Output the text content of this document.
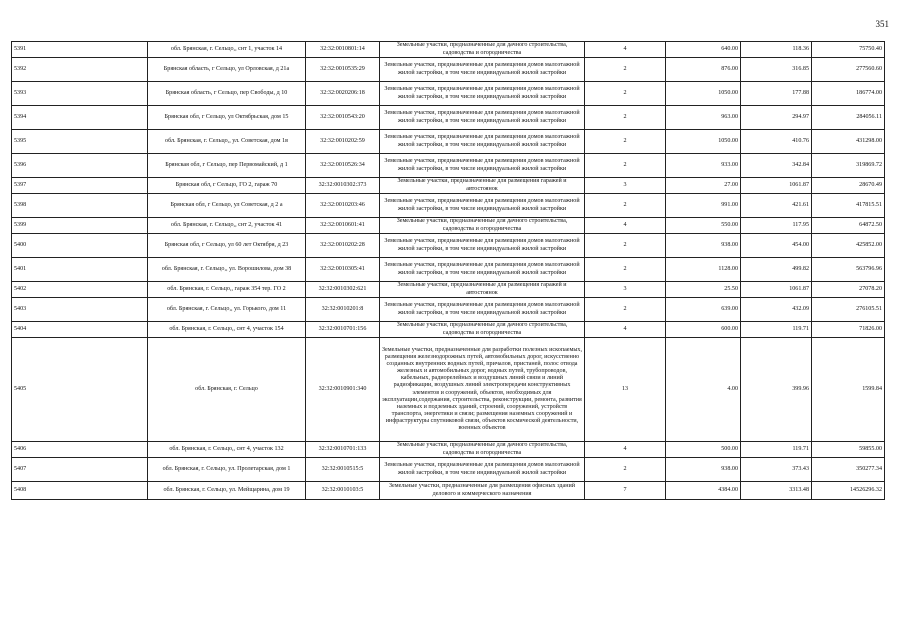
351
5391	обл. Брянская, г. Сельцо,, снт 1, участок 14	32:32:0010801:14	Земельные участки, предназначенные для дачного строительства, садоводства и огородничества	4	640.00	118.36	75750.40
5392	Брянская область, г Сельцо, ул Орловская, д 21а	32:32:0010535:29	Земельные участки, предназначенные для размещения домов малоэтажной жилой застройки, в том числе индивидуальной жилой застройки	2	876.00	316.85	277560.60
5393	Брянская область, г Сельцо, пер Свободы, д 10	32:32:0020206:18	Земельные участки, предназначенные для размещения домов малоэтажной жилой застройки, в том числе индивидуальной жилой застройки	2	1050.00	177.88	186774.00
5394	Брянская обл, г Сельцо, ул Октябрьская, дом 15	32:32:0010543:20	Земельные участки, предназначенные для размещения домов малоэтажной жилой застройки, в том числе индивидуальной жилой застройки	2	963.00	294.97	284056.11
5395	обл. Брянская, г. Сельцо,, ул. Советская, дом 1в	32:32:0010202:59	Земельные участки, предназначенные для размещения домов малоэтажной жилой застройки, в том числе индивидуальной жилой застройки	2	1050.00	410.76	431298.00
5396	Брянская обл, г Сельцо, пер Первомайский, д 1	32:32:0010526:34	Земельные участки, предназначенные для размещения домов малоэтажной жилой застройки, в том числе индивидуальной жилой застройки	2	933.00	342.84	319869.72
5397	Брянская обл, г Сельцо, ГО 2, гараж 70	32:32:0010302:373	Земельные участки, предназначенные для размещения гаражей и автостоянок	3	27.00	1061.87	28670.49
5398	Брянская обл, г Сельцо, ул Советская, д 2 а	32:32:0010203:46	Земельные участки, предназначенные для размещения домов малоэтажной жилой застройки, в том числе индивидуальной жилой застройки	2	991.00	421.61	417815.51
5399	обл. Брянская, г. Сельцо,, снт 2, участок 41	32:32:0010601:41	Земельные участки, предназначенные для дачного строительства, садоводства и огородничества	4	550.00	117.95	64872.50
5400	Брянская обл, г Сельцо, ул 60 лет Октября, д 23	32:32:0010202:28	Земельные участки, предназначенные для размещения домов малоэтажной жилой застройки, в том числе индивидуальной жилой застройки	2	938.00	454.00	425852.00
5401	обл. Брянская, г. Сельцо,, ул. Ворошилова, дом 38	32:32:0010305:41	Земельные участки, предназначенные для размещения домов малоэтажной жилой застройки, в том числе индивидуальной жилой застройки	2	1128.00	499.82	563796.96
5402	обл. Брянская, г. Сельцо,, гараж 354 тер. ГО 2	32:32:0010302:621	Земельные участки, предназначенные для размещения гаражей и автостоянок	3	25.50	1061.87	27078.20
5403	обл. Брянская, г. Сельцо,, ул. Горького, дом 11	32:32:0010201:8	Земельные участки, предназначенные для размещения домов малоэтажной жилой застройки, в том числе индивидуальной жилой застройки	2	639.00	432.09	276105.51
5404	обл. Брянская, г. Сельцо,, снт 4, участок 154	32:32:0010701:156	Земельные участки, предназначенные для дачного строительства, садоводства и огородничества	4	600.00	119.71	71826.00
5405	обл. Брянская, г. Сельцо	32:32:0010901:340	Земельные участки, предназначенные для разработки полезных ископаемых, размещения железнодорожных путей, автомобильных дорог, искусственно созданных внутренних водных путей, причалов, пристаней, полос отвода железных и автомобильных дорог, водных путей, трубопроводов, кабельных, радиорелейных и воздушных линий связи и линий радиофикации, воздушных линий электропередачи конструктивных элементов и сооружений, объектов, необходимых для эксплуатации,содержания, строительства, реконструкции, ремонта, развития наземных и подземных зданий, строений, сооружений, устройств транспорта, энергетики и связи; размещения наземных сооружений и инфраструктуры спутниковой связи, объектов космической деятельности, военных объектов	13	4.00	399.96	1599.84
5406	обл. Брянская, г. Сельцо,, снт 4, участок 132	32:32:0010701:133	Земельные участки, предназначенные для дачного строительства, садоводства и огородничества	4	500.00	119.71	59855.00
5407	обл. Брянская, г. Сельцо, ул. Пролетарская, дом 1	32:32:0010515:5	Земельные участки, предназначенные для размещения домов малоэтажной жилой застройки, в том числе индивидуальной жилой застройки	2	938.00	373.43	350277.34
5408	обл. Брянская, г. Сельцо, ул. Мейщарина, дом 19	32:32:0010103:5	Земельные участки, предназначенные для размещения офисных зданий делового и коммерческого назначения	7	4384.00	3313.48	14526296.32
